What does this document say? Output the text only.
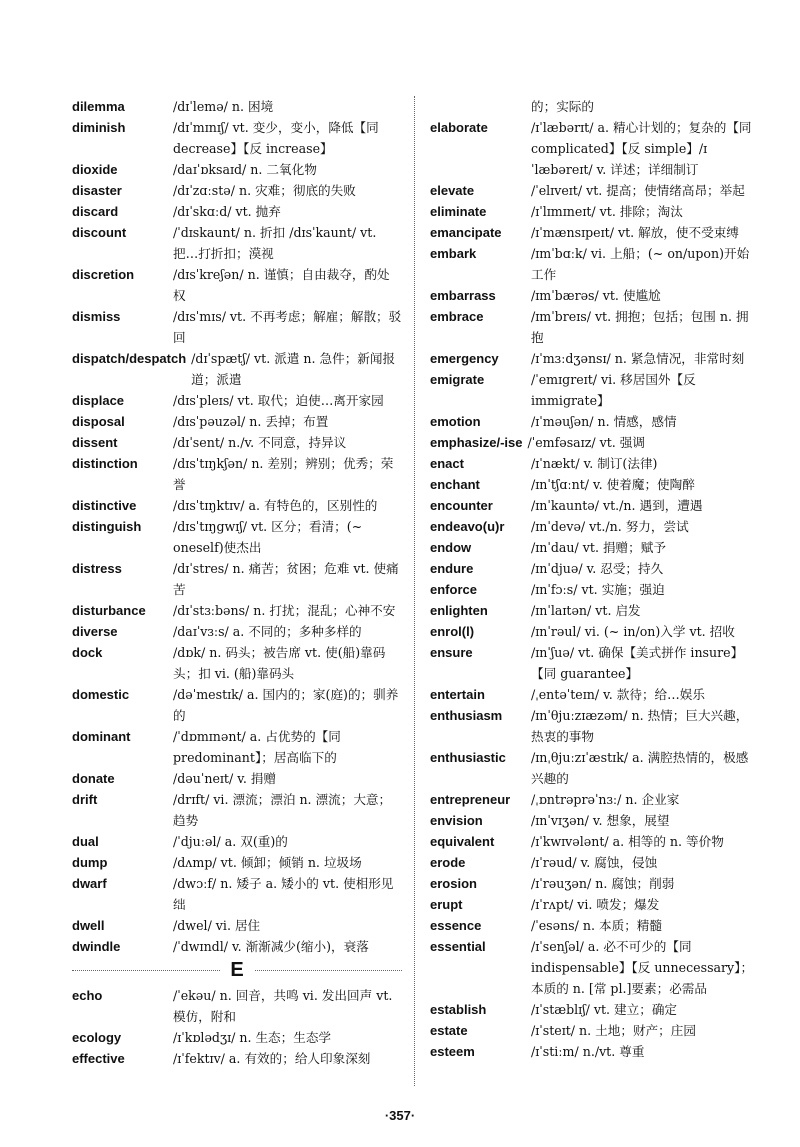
dilemma	/dɪˈlemə/ n. 困境
diminish	/dɪˈmɪnɪʃ/ vt. 变少，变小，降低【同 decrease】【反 increase】
dioxide	/daɪˈɒksaɪd/ n. 二氧化物
disaster	/dɪˈzɑːstə/ n. 灾难；彻底的失败
discard	/dɪˈskɑːd/ vt. 抛弃
discount	/ˈdɪskaunt/ n. 折扣 /dɪsˈkaunt/ vt. 把…打折扣；漠视
discretion	/dɪsˈkreʃən/ n. 谨慎；自由裁夺，酌处权
dismiss	/dɪsˈmɪs/ vt. 不再考虑；解雇；解散；驳回
dispatch/despatch /dɪˈspætʃ/ vt. 派遣 n. 急件；新闻报道；派遣
displace	/dɪsˈpleɪs/ vt. 取代；迫使…离开家园
disposal	/dɪsˈpəuzəl/ n. 丢掉；布置
dissent	/dɪˈsent/ n./v. 不同意，持异议
distinction	/dɪsˈtɪŋkʃən/ n. 差别；辨别；优秀；荣誉
distinctive	/dɪsˈtɪŋktɪv/ a. 有特色的，区别性的
distinguish	/dɪsˈtɪŋgwɪʃ/ vt. 区分；看清；(~ oneself)使杰出
distress	/dɪˈstres/ n. 痛苦；贫困；危难 vt. 使痛苦
disturbance	/dɪˈstɜːbəns/ n. 打扰；混乱；心神不安
diverse	/daɪˈvɜːs/ a. 不同的；多种多样的
dock	/dɒk/ n. 码头；被告席 vt. 使(船)靠码头；扣 vi. (船)靠码头
domestic	/dəˈmestɪk/ a. 国内的；家(庭)的；驯养的
dominant	/ˈdɒmɪnənt/ a. 占优势的【同 predominant】；居高临下的
donate	/dəuˈneɪt/ v. 捐赠
drift	/drɪft/ vi. 漂流；漂泊 n. 漂流；大意；趋势
dual	/ˈdjuːəl/ a. 双(重)的
dump	/dʌmp/ vt. 倾卸；倾销 n. 垃圾场
dwarf	/dwɔːf/ n. 矮子 a. 矮小的 vt. 使相形见绌
dwell	/dwel/ vi. 居住
dwindle	/ˈdwɪndl/ v. 渐渐减少(缩小)，衰落
E
echo	/ˈekəu/ n. 回音，共鸣 vi. 发出回声 vt. 模仿，附和
ecology	/ɪˈkɒlədʒɪ/ n. 生态；生态学
effective	/ɪˈfektɪv/ a. 有效的；给人印象深刻
的；实际的
elaborate	/ɪˈlæbərɪt/ a. 精心计划的；复杂的【同 complicated】【反 simple】/ɪˈlæbəreɪt/ v. 详述；详细制订
elevate	/ˈelɪveɪt/ vt. 提高；使情绪高昂；举起
eliminate	/ɪˈlɪmɪneɪt/ vt. 排除；淘汰
emancipate	/ɪˈmænsɪpeɪt/ vt. 解放，使不受束缚
embark	/ɪmˈbɑːk/ vi. 上船；(~ on/upon)开始工作
embarrass	/ɪmˈbærəs/ vt. 使尴尬
embrace	/ɪmˈbreɪs/ vt. 拥抱；包括；包围 n. 拥抱
emergency	/ɪˈmɜːdʒənsɪ/ n. 紧急情况，非常时刻
emigrate	/ˈemɪgreɪt/ vi. 移居国外【反 immigrate】
emotion	/ɪˈməuʃən/ n. 情感，感情
emphasize/-ise /ˈemfəsaɪz/ vt. 强调
enact	/ɪˈnækt/ v. 制订(法律)
enchant	/ɪnˈtʃɑːnt/ v. 使着魔；使陶醉
encounter	/ɪnˈkauntə/ vt./n. 遇到，遭遇
endeavo(u)r	/ɪnˈdevə/ vt./n. 努力，尝试
endow	/ɪnˈdau/ vt. 捐赠；赋予
endure	/ɪnˈdjuə/ v. 忍受；持久
enforce	/ɪnˈfɔːs/ vt. 实施；强迫
enlighten	/ɪnˈlaɪtən/ vt. 启发
enrol(l)	/ɪnˈrəul/ vi. (~ in/on)入学 vt. 招收
ensure	/ɪnˈʃuə/ vt. 确保【美式拼作 insure】【同 guarantee】
entertain	/ˌentəˈteɪn/ v. 款待；给…娱乐
enthusiasm	/ɪnˈθjuːzɪæzəm/ n. 热情；巨大兴趣，热衷的事物
enthusiastic	/ɪnˌθjuːzɪˈæstɪk/ a. 满腔热情的，极感兴趣的
entrepreneur	/ˌɒntrəprəˈnɜː/ n. 企业家
envision	/ɪnˈvɪʒən/ v. 想象，展望
equivalent	/ɪˈkwɪvələnt/ a. 相等的 n. 等价物
erode	/ɪˈrəud/ v. 腐蚀，侵蚀
erosion	/ɪˈrəuʒən/ n. 腐蚀；削弱
erupt	/ɪˈrʌpt/ vi. 喷发；爆发
essence	/ˈesəns/ n. 本质；精髓
essential	/ɪˈsenʃəl/ a. 必不可少的【同 indispensable】【反 unnecessary】；本质的 n. [常 pl.]要素；必需品
establish	/ɪˈstæblɪʃ/ vt. 建立；确定
estate	/ɪˈsteɪt/ n. 土地；财产；庄园
esteem	/ɪˈstiːm/ n./vt. 尊重
·357·
